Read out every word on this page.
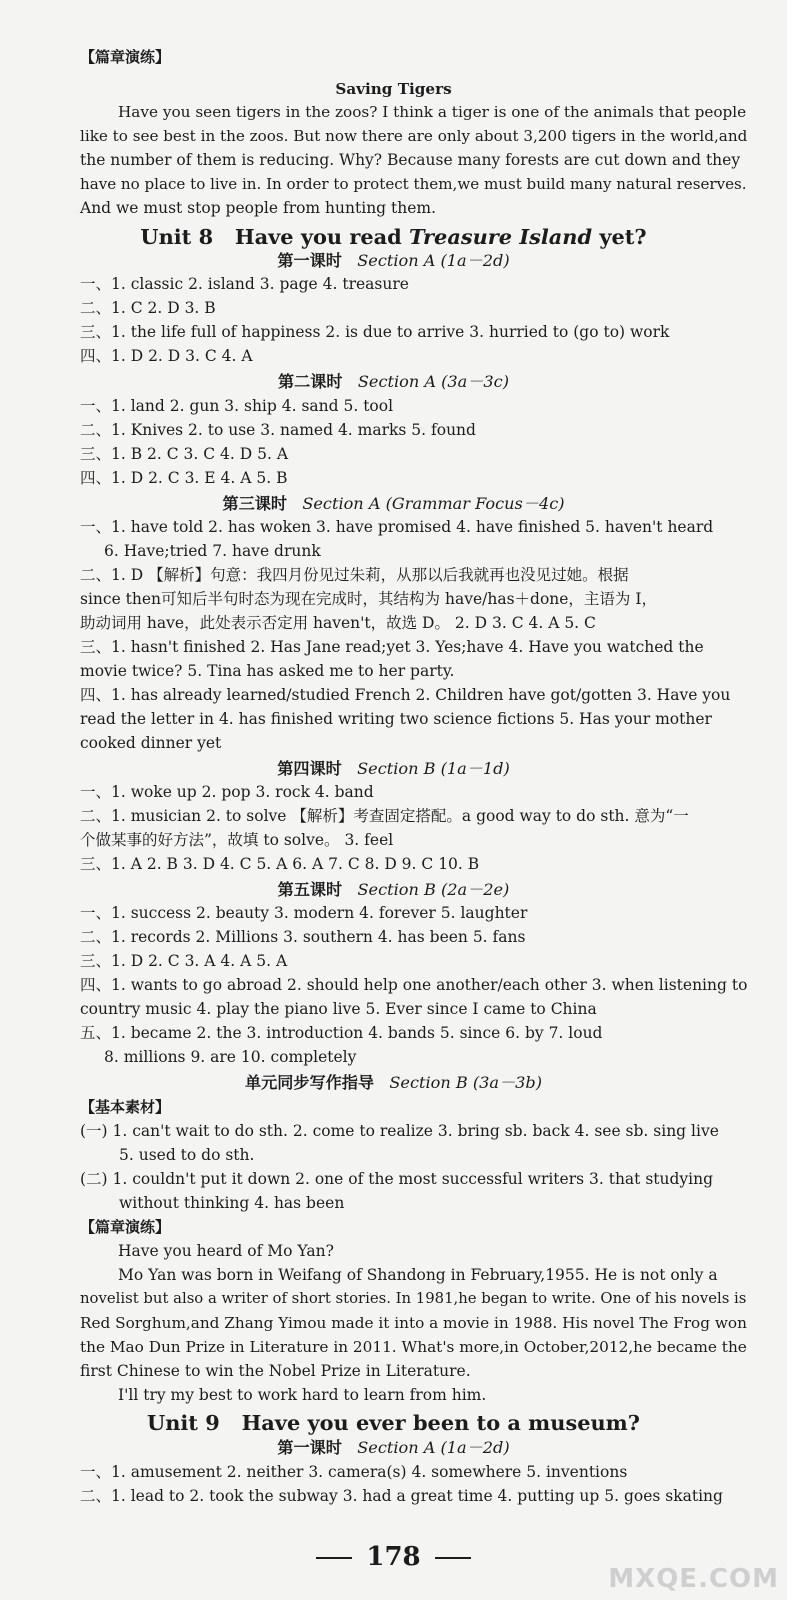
【篇章演练】
Saving Tigers
Have you seen tigers in the zoos? I think a tiger is one of the animals that people
like to see best in the zoos. But now there are only about 3,200 tigers in the world,and
the number of them is reducing. Why? Because many forests are cut down and they
have no place to live in. In order to protect them,we must build many natural reserves.
And we must stop people from hunting them.
Unit 8 Have you read Treasure Island yet?
第一课时 Section A (1a－2d)
一、1. classic 2. island 3. page 4. treasure
二、1. C 2. D 3. B
三、1. the life full of happiness 2. is due to arrive 3. hurried to (go to) work
四、1. D 2. D 3. C 4. A
第二课时 Section A (3a－3c)
一、1. land 2. gun 3. ship 4. sand 5. tool
二、1. Knives 2. to use 3. named 4. marks 5. found
三、1. B 2. C 3. C 4. D 5. A
四、1. D 2. C 3. E 4. A 5. B
第三课时 Section A (Grammar Focus－4c)
一、1. have told 2. has woken 3. have promised 4. have finished 5. haven't heard
6. Have;tried 7. have drunk
二、1. D 【解析】句意：我四月份见过朱莉，从那以后我就再也没见过她。根据
since then可知后半句时态为现在完成时，其结构为 have/has＋done，主语为 I，
助动词用 have，此处表示否定用 haven't，故选 D。 2. D 3. C 4. A 5. C
三、1. hasn't finished 2. Has Jane read;yet 3. Yes;have 4. Have you watched the
movie twice? 5. Tina has asked me to her party.
四、1. has already learned/studied French 2. Children have got/gotten 3. Have you
read the letter in 4. has finished writing two science fictions 5. Has your mother
cooked dinner yet
第四课时 Section B (1a－1d)
一、1. woke up 2. pop 3. rock 4. band
二、1. musician 2. to solve 【解析】考查固定搭配。a good way to do sth. 意为“一
个做某事的好方法”，故填 to solve。 3. feel
三、1. A 2. B 3. D 4. C 5. A 6. A 7. C 8. D 9. C 10. B
第五课时 Section B (2a－2e)
一、1. success 2. beauty 3. modern 4. forever 5. laughter
二、1. records 2. Millions 3. southern 4. has been 5. fans
三、1. D 2. C 3. A 4. A 5. A
四、1. wants to go abroad 2. should help one another/each other 3. when listening to
country music 4. play the piano live 5. Ever since I came to China
五、1. became 2. the 3. introduction 4. bands 5. since 6. by 7. loud
8. millions 9. are 10. completely
单元同步写作指导 Section B (3a－3b)
【基本素材】
(一) 1. can't wait to do sth. 2. come to realize 3. bring sb. back 4. see sb. sing live
5. used to do sth.
(二) 1. couldn't put it down 2. one of the most successful writers 3. that studying
without thinking 4. has been
【篇章演练】
Have you heard of Mo Yan?
Mo Yan was born in Weifang of Shandong in February,1955. He is not only a
novelist but also a writer of short stories. In 1981,he began to write. One of his novels is
Red Sorghum,and Zhang Yimou made it into a movie in 1988. His novel The Frog won
the Mao Dun Prize in Literature in 2011. What's more,in October,2012,he became the
first Chinese to win the Nobel Prize in Literature.
I'll try my best to work hard to learn from him.
Unit 9 Have you ever been to a museum?
第一课时 Section A (1a－2d)
一、1. amusement 2. neither 3. camera(s) 4. somewhere 5. inventions
二、1. lead to 2. took the subway 3. had a great time 4. putting up 5. goes skating
178
MXQE.COM
